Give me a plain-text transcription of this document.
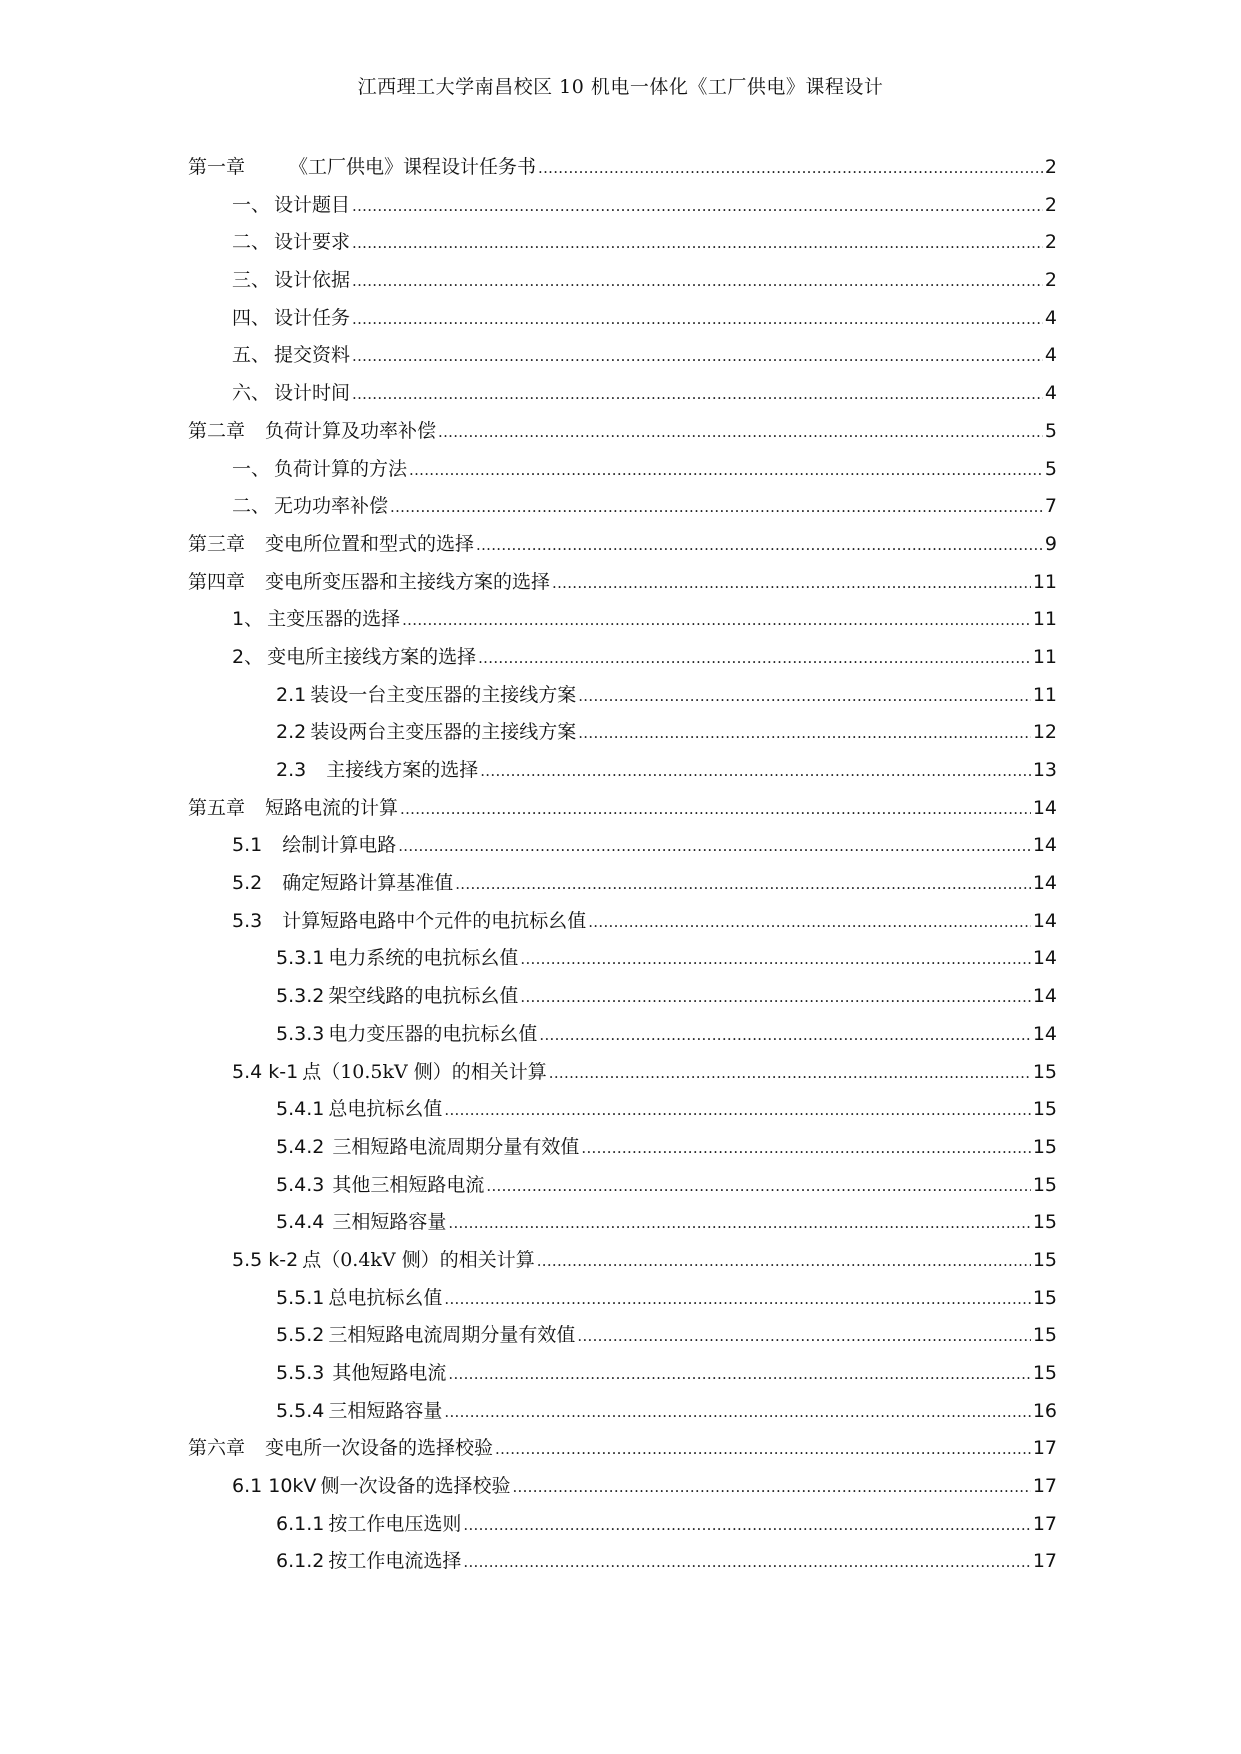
江西理工大学南昌校区 10 机电一体化《工厂供电》课程设计
第一章 《工厂供电》课程设计任务书 .....	2
一、 设计题目 .....	2
二、 设计要求 .....	2
三、 设计依据 .....	2
四、 设计任务 .....	4
五、 提交资料 .....	4
六、 设计时间 .....	4
第二章 负荷计算及功率补偿 .....	5
一、 负荷计算的方法 .....	5
二、 无功功率补偿 .....	7
第三章 变电所位置和型式的选择 .....	9
第四章 变电所变压器和主接线方案的选择 .....	11
1、 主变压器的选择 .....	11
2、 变电所主接线方案的选择 .....	11
2.1 装设一台主变压器的主接线方案 .....	11
2.2 装设两台主变压器的主接线方案 .....	12
2.3 主接线方案的选择 .....	13
第五章 短路电流的计算 .....	14
5.1 绘制计算电路 .....	14
5.2 确定短路计算基准值 .....	14
5.3 计算短路电路中个元件的电抗标幺值 .....	14
5.3.1 电力系统的电抗标幺值 .....	14
5.3.2 架空线路的电抗标幺值 .....	14
5.3.3 电力变压器的电抗标幺值 .....	14
5.4 k-1 点（10.5kV 侧）的相关计算 .....	15
5.4.1 总电抗标幺值 .....	15
5.4.2 三相短路电流周期分量有效值 .....	15
5.4.3 其他三相短路电流 .....	15
5.4.4 三相短路容量 .....	15
5.5 k-2 点（0.4kV 侧）的相关计算 .....	15
5.5.1 总电抗标幺值 .....	15
5.5.2 三相短路电流周期分量有效值 .....	15
5.5.3 其他短路电流 .....	15
5.5.4 三相短路容量 .....	16
第六章 变电所一次设备的选择校验 .....	17
6.1 10kV 侧一次设备的选择校验 .....	17
6.1.1 按工作电压选则 .....	17
6.1.2 按工作电流选择 .....	17
